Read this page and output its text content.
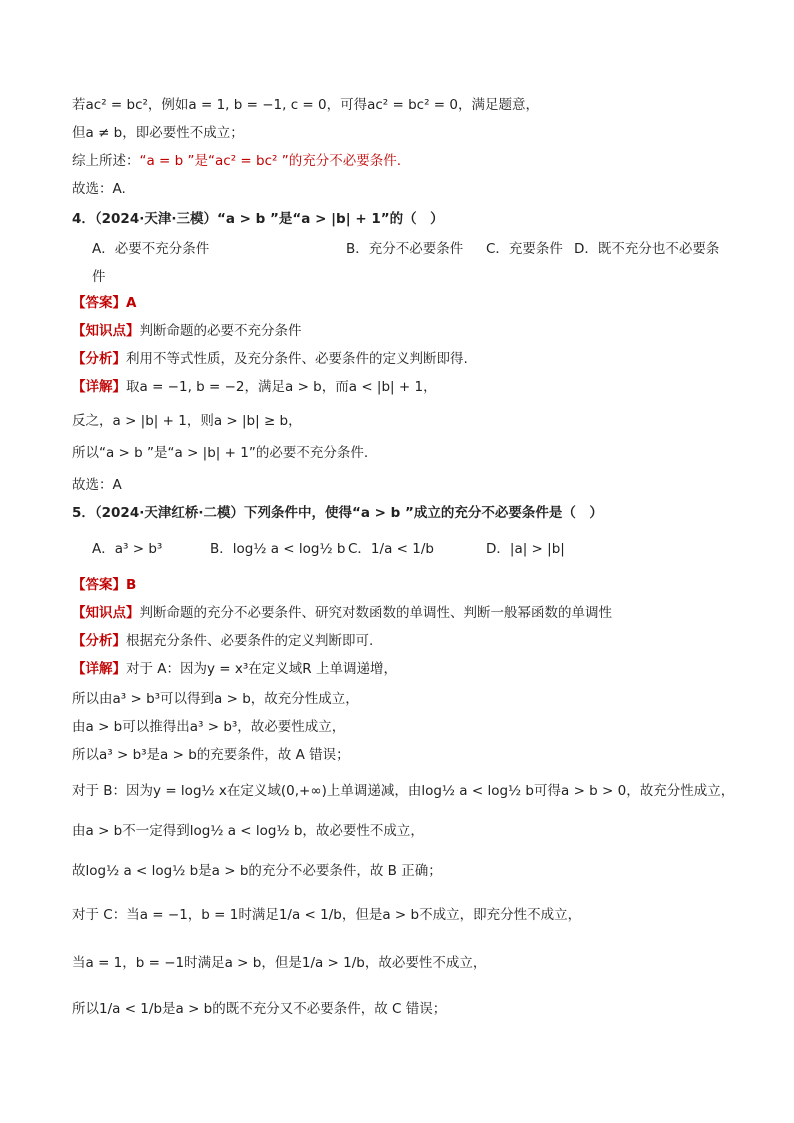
若ac² = bc²，例如a = 1, b = −1, c = 0，可得ac² = bc² = 0，满足题意，
但a ≠ b，即必要性不成立；
综上所述：“a = b ”是“ac² = bc² ”的充分不必要条件.
故选：A.
4．（2024·天津·三模）“a > b ”是“a > |b| + 1”的（　）
A．必要不充分条件	B．充分不必要条件 C．充要条件 D．既不充分也不必要条
件
【答案】A
【知识点】判断命题的必要不充分条件
【分析】利用不等式性质，及充分条件、必要条件的定义判断即得.
【详解】取a = −1, b = −2，满足a > b，而a < |b| + 1，
反之，a > |b| + 1，则a > |b| ≥ b，
所以“a > b ”是“a > |b| + 1”的必要不充分条件.
故选：A
5．（2024·天津红桥·二模）下列条件中，使得“a > b ”成立的充分不必要条件是（　）
A．a³ > b³	B．log½ a < log½ b C．1/a < 1/b	D．|a| > |b|
【答案】B
【知识点】判断命题的充分不必要条件、研究对数函数的单调性、判断一般幂函数的单调性
【分析】根据充分条件、必要条件的定义判断即可.
【详解】对于 A：因为y = x³在定义域R 上单调递增，
所以由a³ > b³可以得到a > b，故充分性成立，
由a > b可以推得出a³ > b³，故必要性成立，
所以a³ > b³是a > b的充要条件，故 A 错误；
对于 B：因为y = log½ x在定义域(0,+∞)上单调递减，由log½ a < log½ b可得a > b > 0，故充分性成立，
由a > b不一定得到log½ a < log½ b，故必要性不成立，
故log½ a < log½ b是a > b的充分不必要条件，故 B 正确；
对于 C：当a = −1，b = 1时满足1/a < 1/b，但是a > b不成立，即充分性不成立，
当a = 1，b = −1时满足a > b，但是1/a > 1/b，故必要性不成立，
所以1/a < 1/b是a > b的既不充分又不必要条件，故 C 错误；
